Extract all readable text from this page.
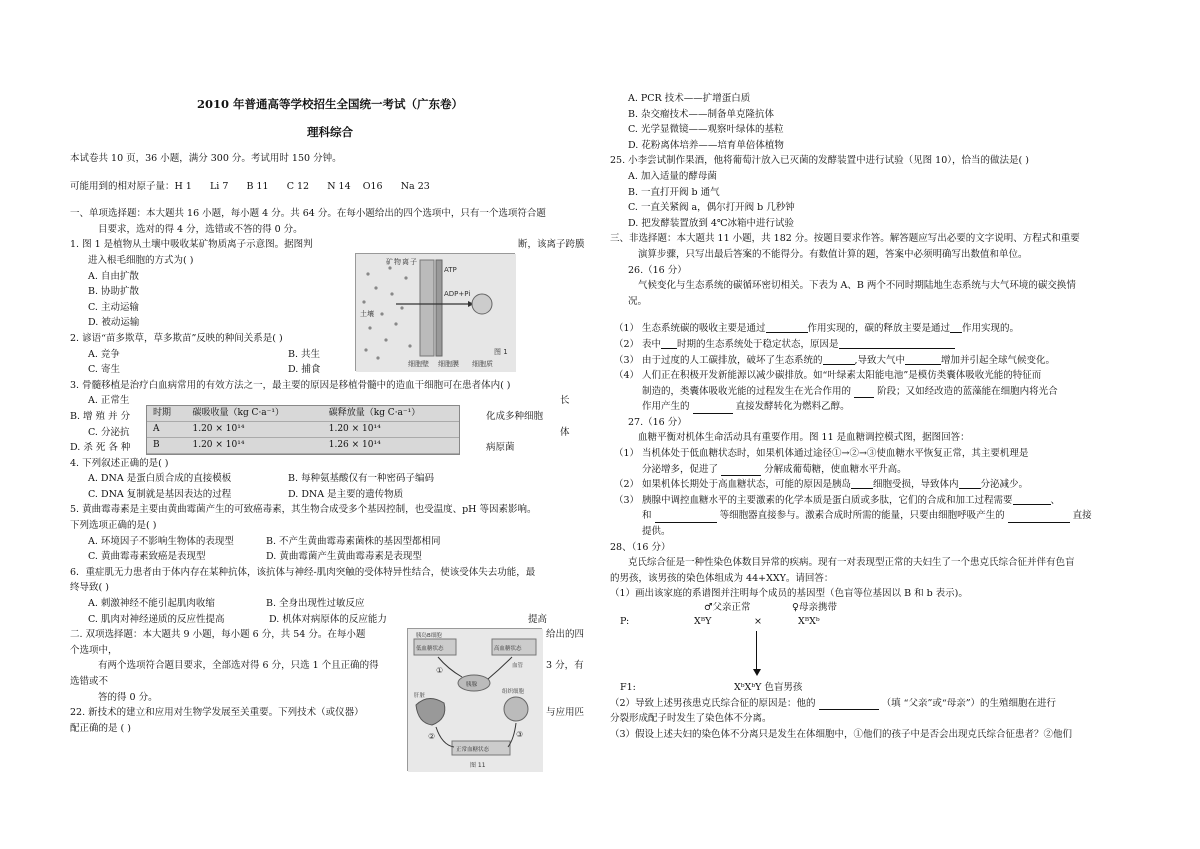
2010 年普通高等学校招生全国统一考试（广东卷）
理科综合
本试卷共 10 页，36 小题，满分 300 分。考试用时 150 分钟。
可能用到的相对原子量：H 1      Li 7      B 11      C 12      N 14    O16      Na 23
一、单项选择题：本大题共 16 小题，每小题 4 分。共 64 分。在每小题给出的四个选项中，只有一个选项符合题
目要求，选对的得 4 分，选错或不答的得 0 分。
1. 图 1 是植物从土壤中吸收某矿物质离子示意图。据图判	断，该离子跨膜
进入根毛细胞的方式为( )
A. 自由扩散
B. 协助扩散
C. 主动运输
D. 被动运输
2. 谚语“苗多欺草，草多欺苗”反映的种间关系是( )
A. 竞争	B. 共生
C. 寄生	D. 捕食
3. 骨髓移植是治疗白血病常用的有效方法之一，最主要的原因是移植骨髓中的造血干细胞可在患者体内( )
A. 正常生	长
B. 增 殖 并 分	化成多种细胞
C. 分泌抗	体
D. 杀 死 各 种	病原菌
4. 下列叙述正确的是( )
A. DNA 是蛋白质合成的直接模板	B. 每种氨基酸仅有一种密码子编码
C. DNA 复制就是基因表达的过程	D. DNA 是主要的遗传物质
5. 黄曲霉毒素是主要由黄曲霉菌产生的可致癌毒素，其生物合成受多个基因控制，也受温度、pH 等因素影响。
下列选项正确的是( )
A. 环境因子不影响生物体的表现型	B. 不产生黄曲霉毒素菌株的基因型都相同
C. 黄曲霉毒素致癌是表现型	D. 黄曲霉菌产生黄曲霉毒素是表现型
6．重症肌无力患者由于体内存在某种抗体，该抗体与神经-肌肉突触的受体特异性结合，使该受体失去功能，最
终导致( )
A. 刺激神经不能引起肌肉收缩	B. 全身出现性过敏反应
C. 肌肉对神经递质的反应性提高	D. 机体对病原体的反应能力	提高
二. 双项选择题：本大题共 9 小题，每小题 6 分，共 54 分。在每小题	给出的四
个选项中，
有两个选项符合题目要求，全部选对得 6 分，只选 1 个且正确的得	3 分，有
选错或不
答的得 0 分。
22. 新技术的建立和应用对生物学发展至关重要。下列技术（或仪器）	与应用匹
配正确的是 ( )
ATP
ADP+Pi
土壤
细胞壁 细胞膜 细胞质
图 1
矿 物 离 子
时期	碳吸收量（kg C·a⁻¹）	碳释放量（kg C·a⁻¹）
A	1.20 × 10¹⁴	1.20 × 10¹⁴
B	1.20 × 10¹⁴	1.26 × 10¹⁴
①
②	③
胰岛B细胞
低血糖状态	高血糖状态
血管
胰腺
肝脏
组织细胞
正常血糖状态
图 11
A. PCR 技术——扩增蛋白质
B. 杂交瘤技术——制备单克隆抗体
C. 光学显微镜——观察叶绿体的基粒
D. 花粉离体培养——培育单倍体植物
25. 小李尝试制作果酒，他将葡萄汁放入已灭菌的发酵装置中进行试验（见图 10），恰当的做法是( )
A. 加入适量的酵母菌
B. 一直打开阀 b 通气
C. 一直关紧阀 a，偶尔打开阀 b 几秒钟
D. 把发酵装置放到 4℃冰箱中进行试验
三、非选择题：本大题共 11 小题，共 182 分。按题目要求作答。解答题应写出必要的文字说明、方程式和重要
演算步骤，只写出最后答案的不能得分。有数值计算的题，答案中必须明确写出数值和单位。
26.（16 分）
气候变化与生态系统的碳循环密切相关。下表为 A、B 两个不同时期陆地生态系统与大气环境的碳交换情
况。
（1） 生态系统碳的吸收主要是通过	作用实现的，碳的释放主要是通过 作用实现的。
（2） 表中 时期的生态系统处于稳定状态，原因是
（3） 由于过度的人工碳排放，破坏了生态系统的	,导致大气中	增加并引起全球气候变化。
（4） 人们正在积极开发新能源以减少碳排放。如“叶绿素太阳能电池”是模仿类囊体吸收光能的特征而
制造的，类囊体吸收光能的过程发生在光合作用的	阶段；又如经改造的蓝藻能在细胞内将光合
作用产生的	直接发酵转化为燃料乙醇。
27.（16 分）
血糖平衡对机体生命活动具有重要作用。图 11 是血糖调控模式图，据图回答：
（1） 当机体处于低血糖状态时，如果机体通过途径①→②→③使血糖水平恢复正常，其主要机理是
分泌增多，促进了	分解成葡萄糖，使血糖水平升高。
（2） 如果机体长期处于高血糖状态，可能的原因是胰岛 细胞受损，导致体内 分泌减少。
（3） 胰腺中调控血糖水平的主要激素的化学本质是蛋白质或多肽，它们的合成和加工过程需要	、
和	等细胞器直接参与。激素合成时所需的能量，只要由细胞呼吸产生的	直接
提供。
28、（16 分）
克氏综合征是一种性染色体数目异常的疾病。现有一对表现型正常的夫妇生了一个患克氏综合征并伴有色盲
的男孩，该男孩的染色体组成为 44+XXY。请回答：
（1）画出该家庭的系谱图并注明每个成员的基因型（色盲等位基因以 B 和 b 表示)。
♂父亲正常	♀母亲携带
P:	XᴮY	×	XᴮXᵇ
F1:	XᵇXᵇY 色盲男孩
（2）导致上述男孩患克氏综合征的原因是：他的	（填 “父亲”或“母亲”）的生殖细胞在进行
分裂形成配子时发生了染色体不分离。
（3）假设上述夫妇的染色体不分离只是发生在体细胞中，①他们的孩子中是否会出现克氏综合征患者？②他们
